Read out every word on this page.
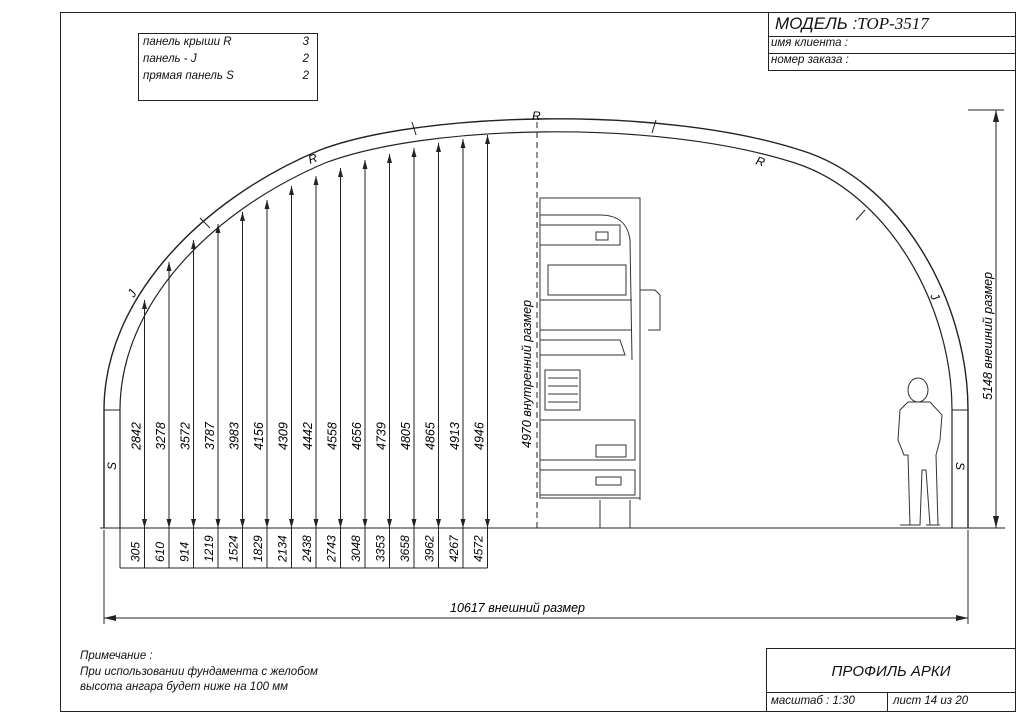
панель крыши R	3
панель - J	2
прямая панель S	2
МОДЕЛЬ :TOP-3517
имя клиента :
номер заказа :
305 610 914 1219 1524 1829 2134 2438 2743 3048 3353 3658 3962 4267 4572
2842 3278 3572 3787 3983 4156 4309 4442 4558 4656 4739 4805 4865 4913 4946
R
R	R
J	J
S	S
10617 внешний размер
5148 внешний размер
4970 внутренний размер
Примечание :
При использовании фундамента с желобом
высота ангара будет ниже на 100 мм
ПРОФИЛЬ АРКИ
масштаб : 1:30	лист 14 из 20
